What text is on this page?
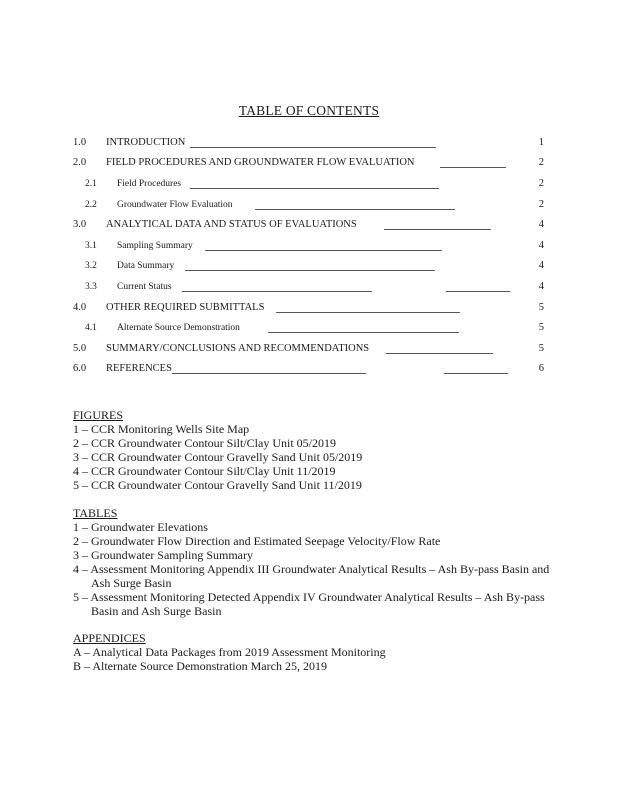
TABLE OF CONTENTS
1.0 INTRODUCTION	1
2.0 FIELD PROCEDURES AND GROUNDWATER FLOW EVALUATION	2
2.1 Field Procedures	2
2.2 Groundwater Flow Evaluation	2
3.0 ANALYTICAL DATA AND STATUS OF EVALUATIONS	4
3.1 Sampling Summary	4
3.2 Data Summary	4
3.3 Current Status	4
4.0 OTHER REQUIRED SUBMITTALS	5
4.1 Alternate Source Demonstration	5
5.0 SUMMARY/CONCLUSIONS AND RECOMMENDATIONS	5
6.0 REFERENCES	6
FIGURES
1 – CCR Monitoring Wells Site Map
2 – CCR Groundwater Contour Silt/Clay Unit 05/2019
3 – CCR Groundwater Contour Gravelly Sand Unit 05/2019
4 – CCR Groundwater Contour Silt/Clay Unit 11/2019
5 – CCR Groundwater Contour Gravelly Sand Unit 11/2019
TABLES
1 – Groundwater Elevations
2 – Groundwater Flow Direction and Estimated Seepage Velocity/Flow Rate
3 – Groundwater Sampling Summary
4 – Assessment Monitoring Appendix III Groundwater Analytical Results – Ash By-pass Basin and Ash Surge Basin
5 – Assessment Monitoring Detected Appendix IV Groundwater Analytical Results – Ash By-pass Basin and Ash Surge Basin
APPENDICES
A – Analytical Data Packages from 2019 Assessment Monitoring
B – Alternate Source Demonstration March 25, 2019
